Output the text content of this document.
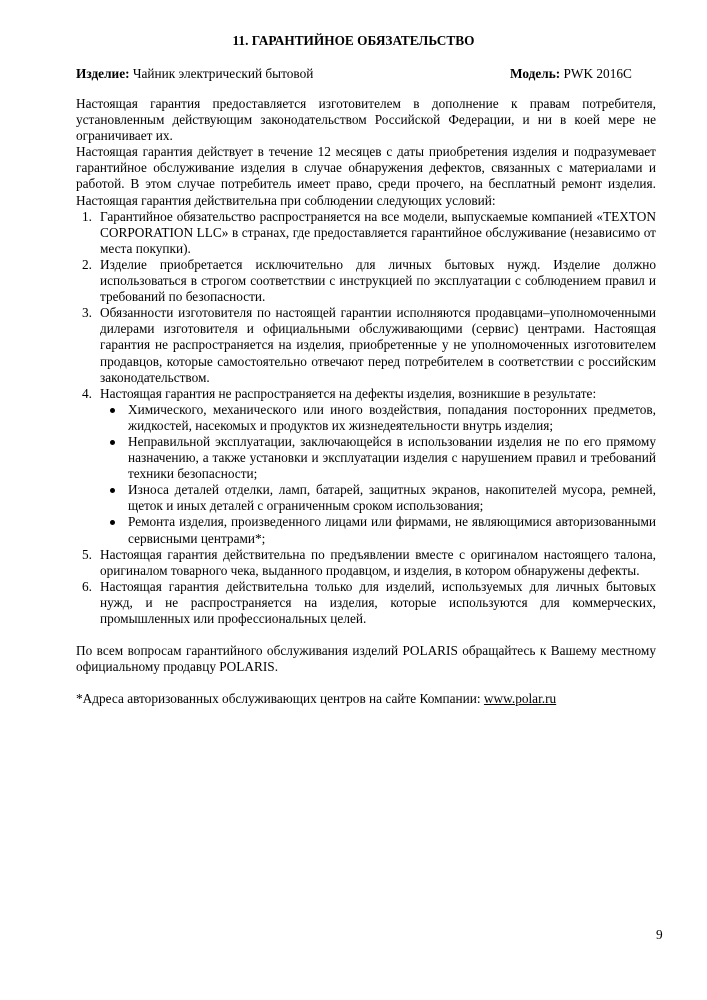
11. ГАРАНТИЙНОЕ ОБЯЗАТЕЛЬСТВО
Изделие: Чайник электрический бытовой	Модель: PWK 2016C

Настоящая гарантия предоставляется изготовителем в дополнение к правам потребителя, установленным действующим законодательством Российской Федерации, и ни в коей мере не ограничивает их.

Настоящая гарантия действует в течение 12 месяцев с даты приобретения изделия и подразумевает гарантийное обслуживание изделия в случае обнаружения дефектов, связанных с материалами и работой. В этом случае потребитель имеет право, среди прочего, на бесплатный ремонт изделия. Настоящая гарантия действительна при соблюдении следующих условий:

1. Гарантийное обязательство распространяется на все модели, выпускаемые компанией «TEXTON CORPORATION LLC» в странах, где предоставляется гарантийное обслуживание (независимо от места покупки).
2. Изделие приобретается исключительно для личных бытовых нужд. Изделие должно использоваться в строгом соответствии с инструкцией по эксплуатации с соблюдением правил и требований по безопасности.
3. Обязанности изготовителя по настоящей гарантии исполняются продавцами–уполномоченными дилерами изготовителя и официальными обслуживающими (сервис) центрами. Настоящая гарантия не распространяется на изделия, приобретенные у не уполномоченных изготовителем продавцов, которые самостоятельно отвечают перед потребителем в соответствии с российским законодательством.
4. Настоящая гарантия не распространяется на дефекты изделия, возникшие в результате:
Химического, механического или иного воздействия, попадания посторонних предметов, жидкостей, насекомых и продуктов их жизнедеятельности внутрь изделия;
Неправильной эксплуатации, заключающейся в использовании изделия не по его прямому назначению, а также установки и эксплуатации изделия с нарушением правил и требований техники безопасности;
Износа деталей отделки, ламп, батарей, защитных экранов, накопителей мусора, ремней, щеток и иных деталей с ограниченным сроком использования;
Ремонта изделия, произведенного лицами или фирмами, не являющимися авторизованными сервисными центрами*;
5. Настоящая гарантия действительна по предъявлении вместе с оригиналом настоящего талона, оригиналом товарного чека, выданного продавцом, и изделия, в котором обнаружены дефекты.
6. Настоящая гарантия действительна только для изделий, используемых для личных бытовых нужд, и не распространяется на изделия, которые используются для коммерческих, промышленных или профессиональных целей.

По всем вопросам гарантийного обслуживания изделий POLARIS обращайтесь к Вашему местному официальному продавцу POLARIS.

*Адреса авторизованных обслуживающих центров на сайте Компании: www.polar.ru

9
